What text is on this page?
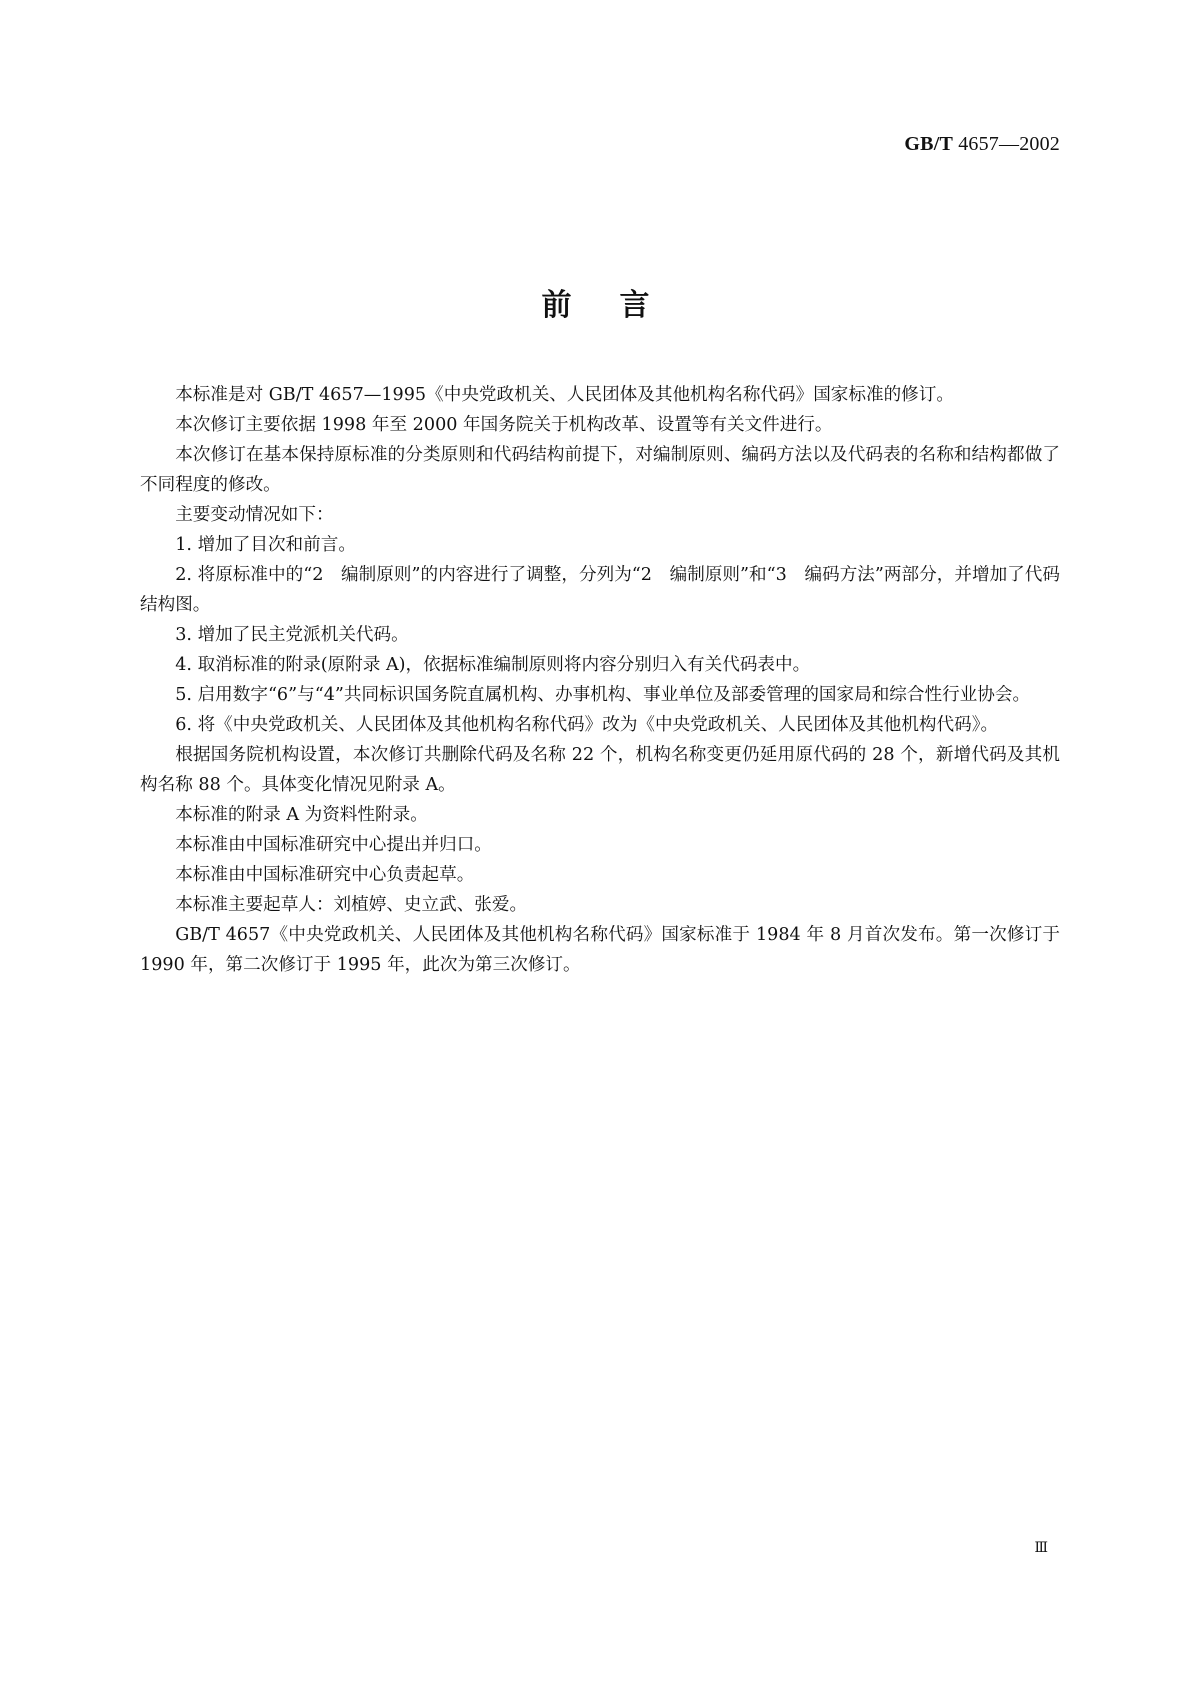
GB/T 4657—2002
前言

本标准是对 GB/T 4657—1995《中央党政机关、人民团体及其他机构名称代码》国家标准的修订。

本次修订主要依据 1998 年至 2000 年国务院关于机构改革、设置等有关文件进行。

本次修订在基本保持原标准的分类原则和代码结构前提下，对编制原则、编码方法以及代码表的名称和结构都做了不同程度的修改。

主要变动情况如下：

1. 增加了目次和前言。

2. 将原标准中的“2　编制原则”的内容进行了调整，分列为“2　编制原则”和“3　编码方法”两部分，并增加了代码结构图。

3. 增加了民主党派机关代码。

4. 取消标准的附录(原附录 A)，依据标准编制原则将内容分别归入有关代码表中。

5. 启用数字“6”与“4”共同标识国务院直属机构、办事机构、事业单位及部委管理的国家局和综合性行业协会。

6. 将《中央党政机关、人民团体及其他机构名称代码》改为《中央党政机关、人民团体及其他机构代码》。

根据国务院机构设置，本次修订共删除代码及名称 22 个，机构名称变更仍延用原代码的 28 个，新增代码及其机构名称 88 个。具体变化情况见附录 A。

本标准的附录 A 为资料性附录。

本标准由中国标准研究中心提出并归口。

本标准由中国标准研究中心负责起草。

本标准主要起草人：刘植婷、史立武、张爱。

GB/T 4657《中央党政机关、人民团体及其他机构名称代码》国家标准于 1984 年 8 月首次发布。第一次修订于 1990 年，第二次修订于 1995 年，此次为第三次修订。

Ⅲ
